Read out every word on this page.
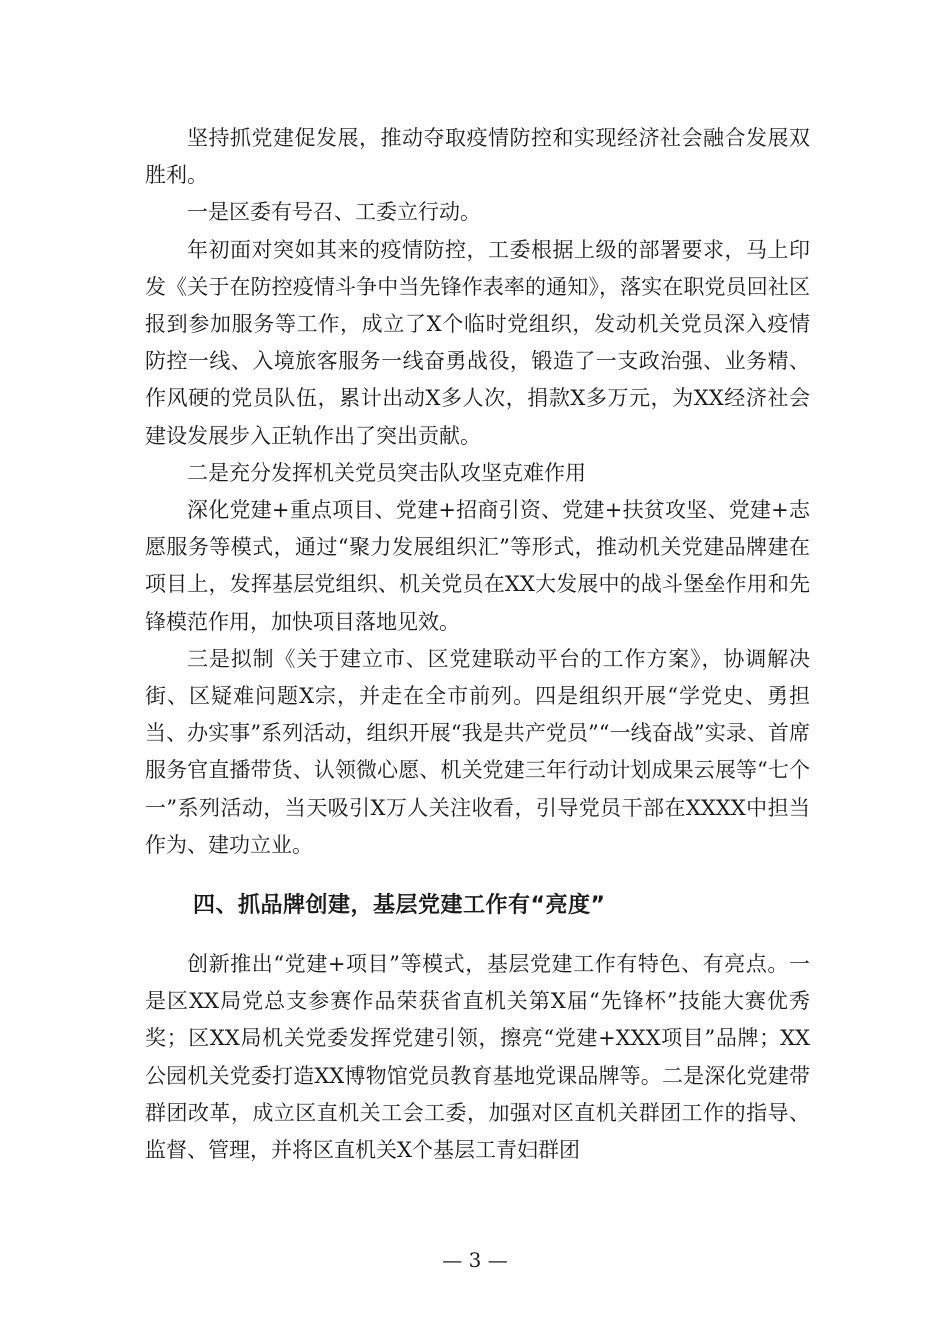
坚持抓党建促发展，推动夺取疫情防控和实现经济社会融合发展双胜利。

一是区委有号召、工委立行动。

年初面对突如其来的疫情防控，工委根据上级的部署要求，马上印发《关于在防控疫情斗争中当先锋作表率的通知》，落实在职党员回社区报到参加服务等工作，成立了X个临时党组织，发动机关党员深入疫情防控一线、入境旅客服务一线奋勇战役，锻造了一支政治强、业务精、作风硬的党员队伍，累计出动X多人次，捐款X多万元，为XX经济社会建设发展步入正轨作出了突出贡献。

二是充分发挥机关党员突击队攻坚克难作用

深化党建+重点项目、党建+招商引资、党建+扶贫攻坚、党建+志愿服务等模式，通过“聚力发展组织汇”等形式，推动机关党建品牌建在项目上，发挥基层党组织、机关党员在XX大发展中的战斗堡垒作用和先锋模范作用，加快项目落地见效。

三是拟制《关于建立市、区党建联动平台的工作方案》，协调解决街、区疑难问题X宗，并走在全市前列。四是组织开展“学党史、勇担当、办实事”系列活动，组织开展“我是共产党员”“一线奋战”实录、首席服务官直播带货、认领微心愿、机关党建三年行动计划成果云展等“七个一”系列活动，当天吸引X万人关注收看，引导党员干部在XXXX中担当作为、建功立业。

四、抓品牌创建，基层党建工作有“亮度”

创新推出“党建+项目”等模式，基层党建工作有特色、有亮点。一是区XX局党总支参赛作品荣获省直机关第X届“先锋杯”技能大赛优秀奖；区XX局机关党委发挥党建引领，擦亮“党建+XXX项目”品牌；XX公园机关党委打造XX博物馆党员教育基地党课品牌等。二是深化党建带群团改革，成立区直机关工会工委，加强对区直机关群团工作的指导、监督、管理，并将区直机关X个基层工青妇群团

— 3 —
